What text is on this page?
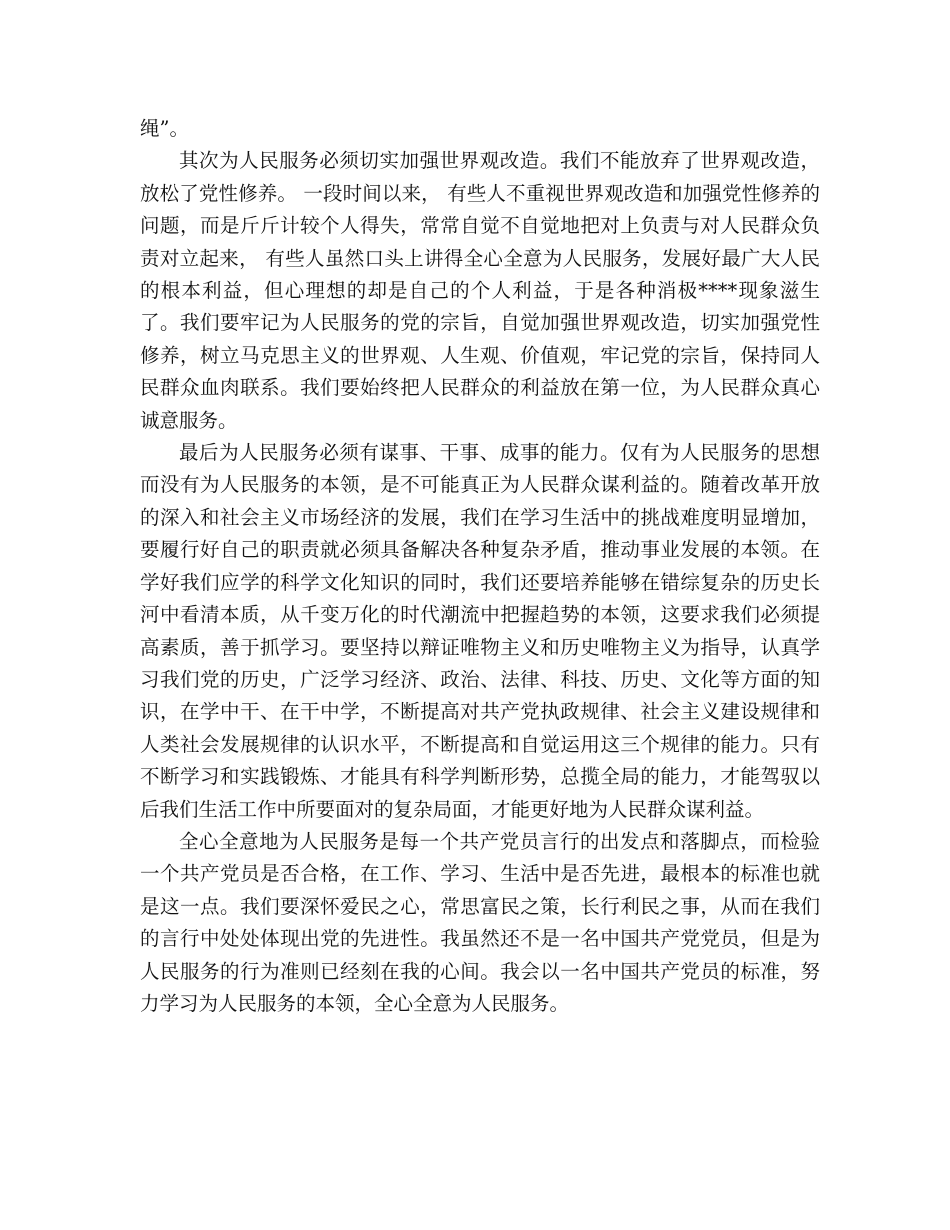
绳”。

其次为人民服务必须切实加强世界观改造。我们不能放弃了世界观改造，放松了党性修养。 一段时间以来， 有些人不重视世界观改造和加强党性修养的问题，而是斤斤计较个人得失，常常自觉不自觉地把对上负责与对人民群众负责对立起来， 有些人虽然口头上讲得全心全意为人民服务，发展好最广大人民的根本利益，但心理想的却是自己的个人利益，于是各种消极****现象滋生了。我们要牢记为人民服务的党的宗旨，自觉加强世界观改造，切实加强党性修养，树立马克思主义的世界观、人生观、价值观，牢记党的宗旨，保持同人民群众血肉联系。我们要始终把人民群众的利益放在第一位，为人民群众真心诚意服务。

最后为人民服务必须有谋事、干事、成事的能力。仅有为人民服务的思想而没有为人民服务的本领，是不可能真正为人民群众谋利益的。随着改革开放的深入和社会主义市场经济的发展，我们在学习生活中的挑战难度明显增加，要履行好自己的职责就必须具备解决各种复杂矛盾，推动事业发展的本领。在学好我们应学的科学文化知识的同时，我们还要培养能够在错综复杂的历史长河中看清本质，从千变万化的时代潮流中把握趋势的本领，这要求我们必须提高素质，善于抓学习。要坚持以辩证唯物主义和历史唯物主义为指导，认真学习我们党的历史，广泛学习经济、政治、法律、科技、历史、文化等方面的知识，在学中干、在干中学，不断提高对共产党执政规律、社会主义建设规律和人类社会发展规律的认识水平，不断提高和自觉运用这三个规律的能力。只有不断学习和实践锻炼、才能具有科学判断形势，总揽全局的能力，才能驾驭以后我们生活工作中所要面对的复杂局面，才能更好地为人民群众谋利益。

全心全意地为人民服务是每一个共产党员言行的出发点和落脚点，而检验一个共产党员是否合格，在工作、学习、生活中是否先进，最根本的标准也就是这一点。我们要深怀爱民之心，常思富民之策，长行利民之事，从而在我们的言行中处处体现出党的先进性。我虽然还不是一名中国共产党党员，但是为人民服务的行为准则已经刻在我的心间。我会以一名中国共产党员的标准，努力学习为人民服务的本领，全心全意为人民服务。
